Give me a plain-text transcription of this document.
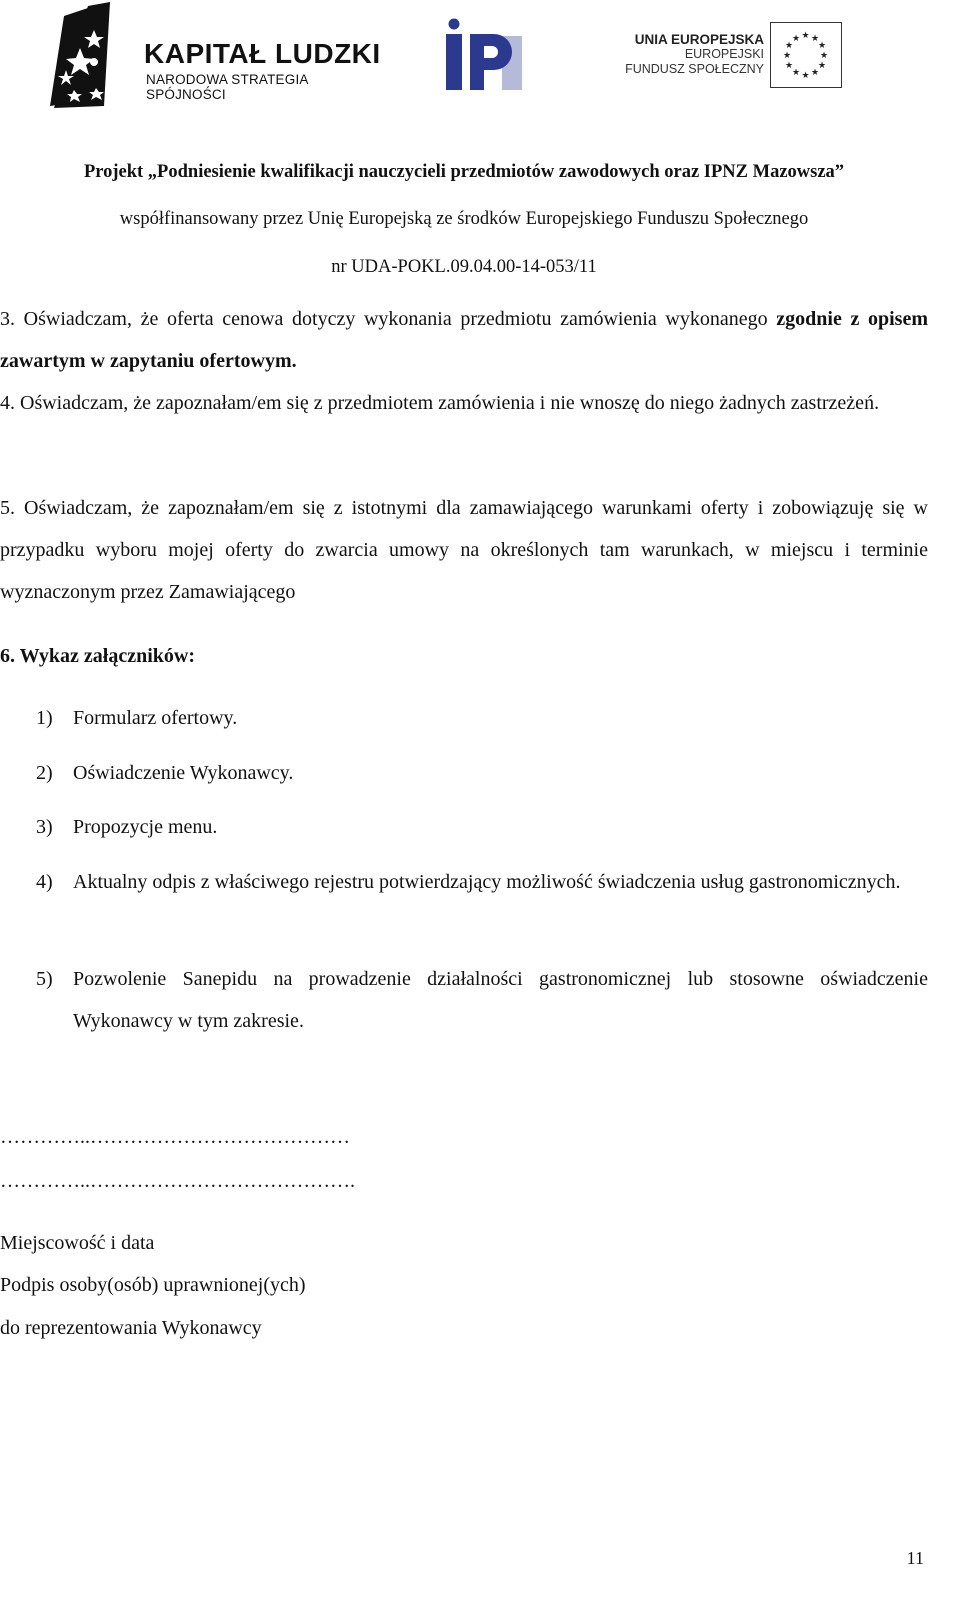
KAPITAŁ LUDZKI
NARODOWA STRATEGIA SPÓJNOŚCI
UNIA EUROPEJSKA
EUROPEJSKI
FUNDUSZ SPOŁECZNY
★ ★
★
★
★
★
★
★
★
★
★
★
Projekt „Podniesienie kwalifikacji nauczycieli przedmiotów zawodowych oraz IPNZ Mazowsza”
współfinansowany przez Unię Europejską ze środków Europejskiego Funduszu Społecznego
nr UDA-POKL.09.04.00-14-053/11
3. Oświadczam, że oferta cenowa dotyczy wykonania przedmiotu zamówienia wykonanego zgodnie z opisem zawartym w zapytaniu ofertowym.
4. Oświadczam, że zapoznałam/em się z przedmiotem zamówienia i nie wnoszę do niego żadnych zastrzeżeń.
5. Oświadczam, że zapoznałam/em się z istotnymi dla zamawiającego warunkami oferty i zobowiązuję się w przypadku wyboru mojej oferty do zwarcia umowy na określonych tam warunkach, w miejscu i terminie wyznaczonym przez Zamawiającego
6. Wykaz załączników:
1) Formularz ofertowy.
2) Oświadczenie Wykonawcy.
3) Propozycje menu.
4) Aktualny odpis z właściwego rejestru potwierdzający możliwość świadczenia usług gastronomicznych.
5) Pozwolenie Sanepidu na prowadzenie działalności gastronomicznej lub stosowne oświadczenie Wykonawcy w tym zakresie.
…………..…………………………………
…………..………………………………….
Miejscowość i data
Podpis osoby(osób) uprawnionej(ych)
do reprezentowania Wykonawcy
11
